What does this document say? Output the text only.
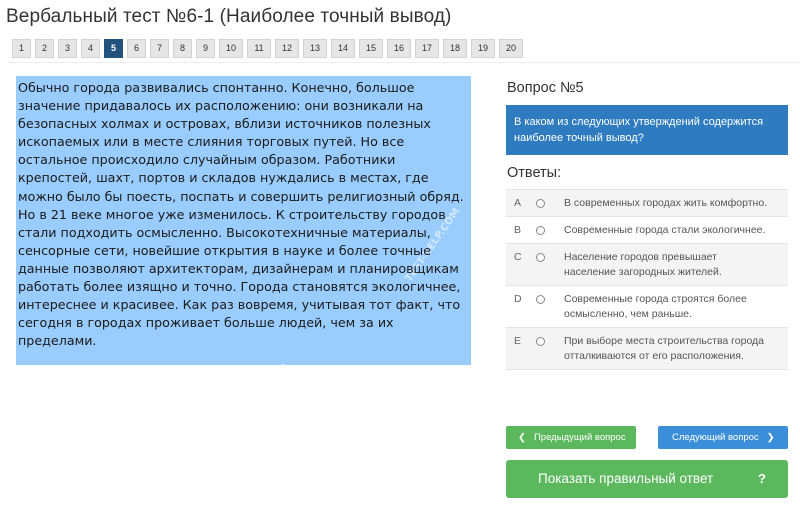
Вербальный тест №6-1 (Наиболее точный вывод)
1	2	3	4	5	6	7	8	9	10	11	12	13	14	15	16	17	18	19	20
TEST-HELP.COM	TEST-HELP.COM
TEST-HELP.COM
TEST-HELP.COM
Обычно города развивались спонтанно. Конечно, большое
значение придавалось их расположению: они возникали на
безопасных холмах и островах, вблизи источников полезных
ископаемых или в месте слияния торговых путей. Но все
остальное происходило случайным образом. Работники
крепостей, шахт, портов и складов нуждались в местах, где
можно было бы поесть, поспать и совершить религиозный обряд.
Но в 21 веке многое уже изменилось. К строительству городов
стали подходить осмысленно. Высокотехничные материалы,
сенсорные сети, новейшие открытия в науке и более точные
данные позволяют архитекторам, дизайнерам и планировщикам
работать более изящно и точно. Города становятся экологичнее,
интереснее и красивее. Как раз вовремя, учитывая тот факт, что
сегодня в городах проживает больше людей, чем за их
пределами.
Вопрос №5
В каком из следующих утверждений содержится наиболее точный вывод?
Ответы:
A	В современных городах жить комфортно.
B	Современные города стали экологичнее.
C	Население городов превышает население загородных жителей.
D	Современные города строятся более осмысленно, чем раньше.
E	При выборе места строительства города отталкиваются от его расположения.
❮ Предыдущий вопрос	Следующий вопрос ❯
Показать правильный ответ	?
